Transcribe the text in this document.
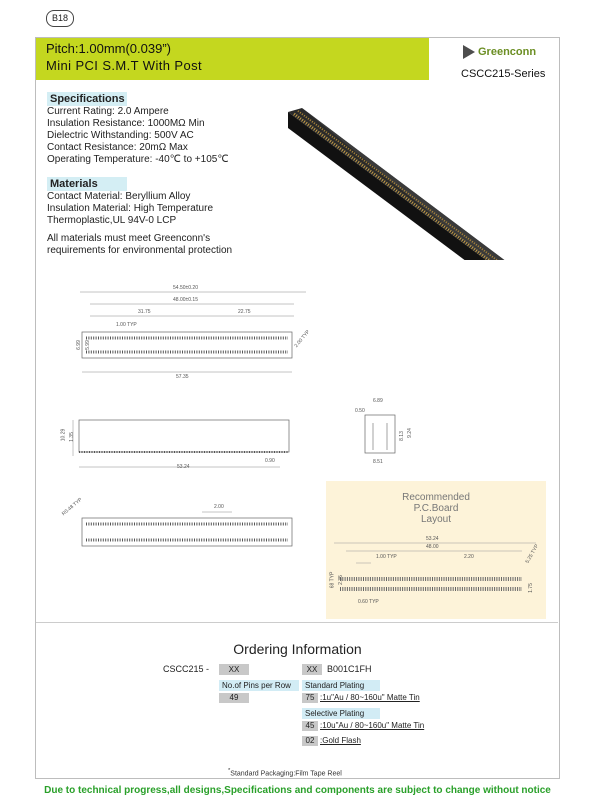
B18
Pitch:1.00mm(0.039”)
Mini PCI S.M.T With Post
Greenconn
CSCC215-Series
Specifications
Current Rating: 2.0 Ampere
Insulation Resistance: 1000MΩ Min
Dielectric Withstanding: 500V AC
Contact Resistance: 20mΩ Max
Operating Temperature: -40℃ to +105℃
Materials
Contact Material: Beryllium Alloy
Insulation Material: High Temperature
Thermoplastic,UL 94V-0 LCP
All materials must meet Greenconn's
requirements for environmental protection
54.50±0.20
48.00±0.15
31.75	22.75
1.00 TYP
6.99 5.99	2.00 TYP
57.35
10.29 1.35
53.24
0.90
6.89
0.50
9.24
8.13
8.51
R0.48 TYP	2.00
Recommended
P.C.Board
Layout
53.24
48.00
1.00 TYP	2.20	5.25 TYP
68 TYP 2.35
0.60 TYP
1.75
Ordering Information
CSCC215 -	XX	XX	B001C1FH
No.of Pins per Row
49
Standard Plating
75 :1u"Au / 80~160u" Matte Tin
Selective Plating
45 :10u"Au / 80~160u" Matte Tin
02 :Gold Flash
*Standard Packaging:Film Tape Reel
Due to technical progress,all designs,Specifications and components are subject to change without notice
